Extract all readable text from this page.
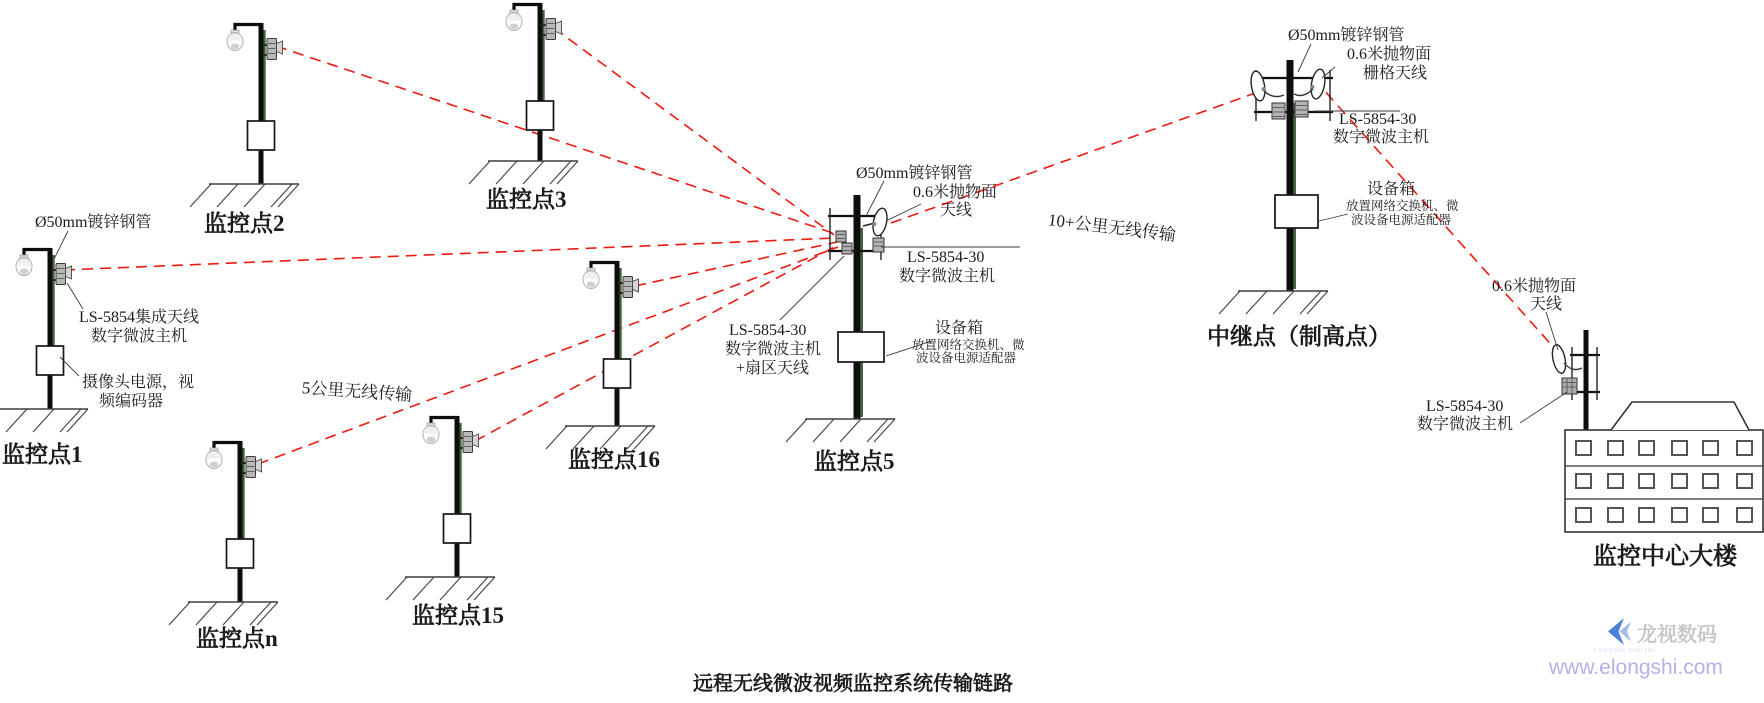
Ø50mm镀锌钢管
LS-5854集成天线
数字微波主机
摄像头电源，视
频编码器
监控点1
监控点2
监控点3
监控点n
监控点15
监控点16
5公里无线传输
10+公里无线传输
Ø50mm镀锌钢管
0.6米抛物面
天线
LS-5854-30
数字微波主机
LS-5854-30
数字微波主机
+扇区天线
设备箱
放置网络交换机、微
波设备电源适配器
监控点5
Ø50mm镀锌钢管
0.6米抛物面
栅格天线
LS-5854-30
数字微波主机
设备箱
放置网络交换机、微
波设备电源适配器
中继点（制高点）
0.6米抛物面
天线
LS-5854-30
数字微波主机
监控中心大楼
远程无线微波视频监控系统传输链路
龙视数码
LONGSHI DIGITAL
www.elongshi.com
